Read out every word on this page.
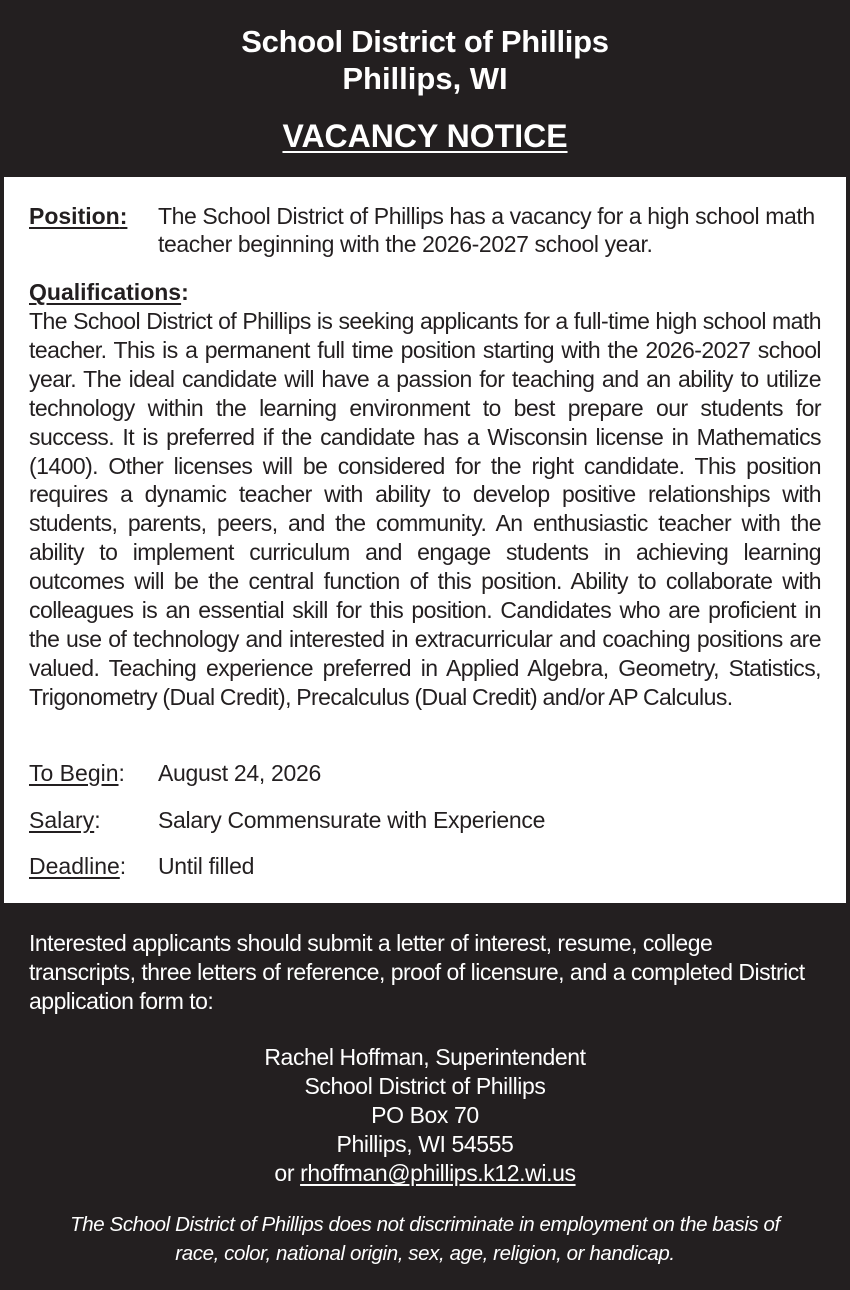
School District of Phillips
Phillips, WI
VACANCY NOTICE
Position: The School District of Phillips has a vacancy for a high school math teacher beginning with the 2026-2027 school year.
Qualifications:
The School District of Phillips is seeking applicants for a full-time high school math teacher. This is a permanent full time position starting with the 2026-2027 school year. The ideal candidate will have a passion for teaching and an ability to utilize technology within the learning environment to best prepare our students for success. It is preferred if the candidate has a Wisconsin license in Mathematics (1400). Other licenses will be considered for the right candidate. This position requires a dynamic teacher with ability to develop positive relationships with students, parents, peers, and the community. An enthusiastic teacher with the ability to implement curriculum and engage students in achieving learning outcomes will be the central function of this position. Ability to collaborate with colleagues is an essential skill for this position. Candidates who are proficient in the use of technology and interested in extracurricular and coaching positions are valued. Teaching experience preferred in Applied Algebra, Geometry, Statistics, Trigonometry (Dual Credit), Precalculus (Dual Credit) and/or AP Calculus.
To Begin: August 24, 2026
Salary: Salary Commensurate with Experience
Deadline: Until filled
Interested applicants should submit a letter of interest, resume, college transcripts, three letters of reference, proof of licensure, and a completed District application form to:
Rachel Hoffman, Superintendent
School District of Phillips
PO Box 70
Phillips, WI 54555
or rhoffman@phillips.k12.wi.us
The School District of Phillips does not discriminate in employment on the basis of
race, color, national origin, sex, age, religion, or handicap.
